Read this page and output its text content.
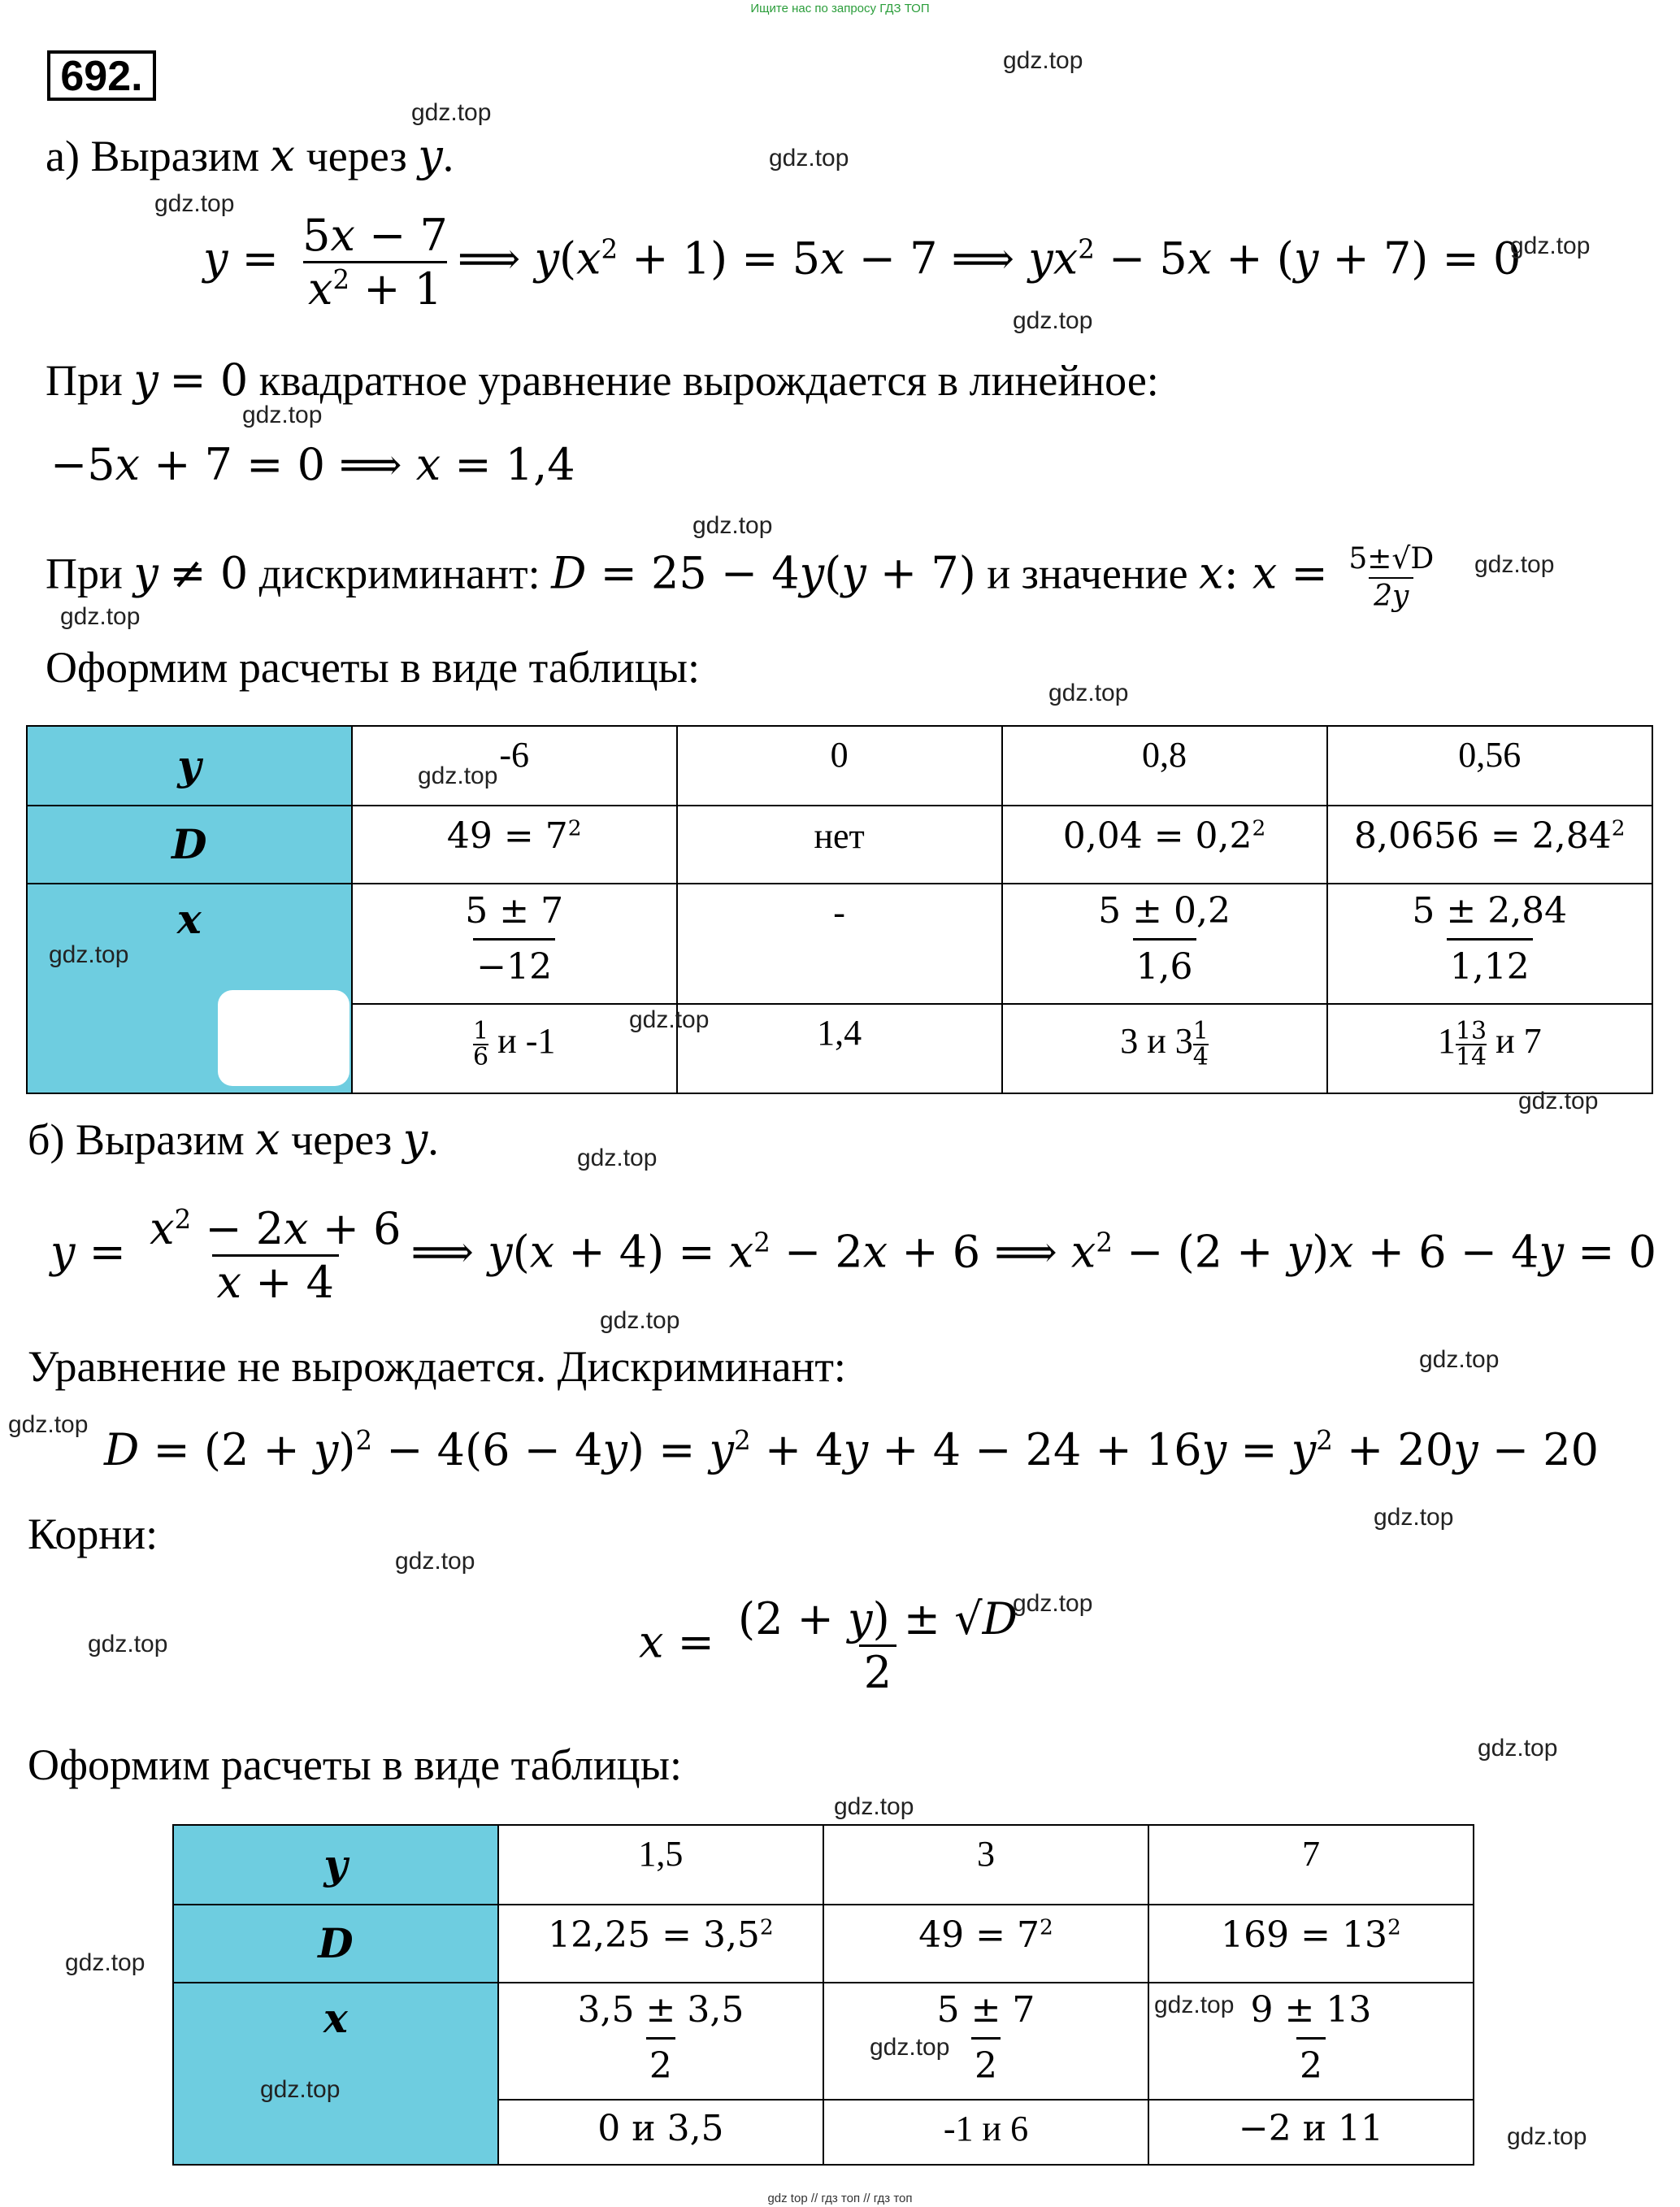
Ищите нас по запросу ГДЗ ТОП
692.
а) Выразим x через y.
$y = \frac{5x - 7}{x^2 + 1}$ ⟹ $y(x^2 + 1) = 5x - 7$ ⟹ $yx^2 - 5x + (y + 7) = 0$
При y = 0 квадратное уравнение вырождается в линейное:
−5x + 7 = 0 ⟹ x = 1,4
При y ≠ 0 дискриминант: D = 25 − 4y(y + 7) и значение x: $x = \frac{5\pm√D}{2y}$
Оформим расчеты в виде таблицы:
y	-6	0	0,8	0,56
D	$49 = 7^2$	нет	$0,04 = 0,2^2$	$8,0656 = 2,84^2$
x	$\frac{5 \pm 7}{-12}$	-	$\frac{5 \pm 0,2}{1,6}$	$\frac{5 \pm 2,84}{1,12}$

	$\frac{1}{6}$ и -1	1,4	3 и $3 \frac{1}{4}$	$1 \frac{13}{14}$ и 7
б) Выразим x через y.
$y = \frac{x^2 - 2x + 6}{x + 4}$ ⟹ $y(x + 4) = x^2 - 2x + 6$ ⟹ $x^2 - (2 + y)x + 6 - 4y = 0$
Уравнение не вырождается. Дискриминант:
$D = (2 + y)^2 - 4(6 - 4y) = y^2 + 4y + 4 - 24 + 16y = y^2 + 20y - 20$
Корни:
$x = \frac{(2 + y) \pm √D}{2}$
Оформим расчеты в виде таблицы:
y	1,5	3	7
D	$12,25 = 3,5^2$	$49 = 7^2$	$169 = 13^2$
x	$\frac{3,5 \pm 3,5}{2}$	$\frac{5 \pm 7}{2}$	$\frac{9 \pm 13}{2}$

	0 и 3,5	-1 и 6	−2 и 11
gdz top // гдз топ // гдз топ
gdz.top
gdz.top
gdz.top
gdz.top
gdz.top
gdz.top
gdz.top
gdz.top
gdz.top
gdz.top
gdz.top
gdz.top
gdz.top
gdz.top
gdz.top
gdz.top
gdz.top
gdz.top
gdz.top
gdz.top
gdz.top
gdz.top
gdz.top
gdz.top
gdz.top
gdz.top
gdz.top
gdz.top
gdz.top
gdz.top
